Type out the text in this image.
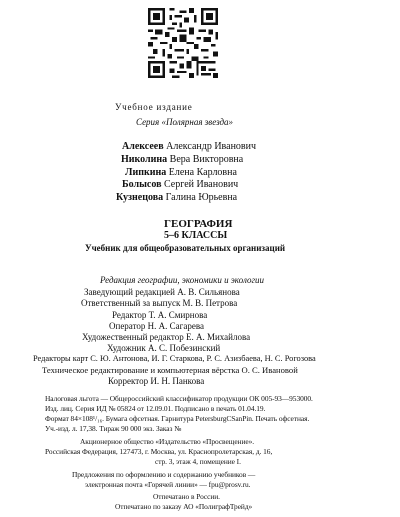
Учебное издание
Серия «Полярная звезда»
Алексеев Александр Иванович
Николина Вера Викторовна
Липкина Елена Карловна
Болысов Сергей Иванович
Кузнецова Галина Юрьевна
ГЕОГРАФИЯ
5–6 КЛАССЫ
Учебник для общеобразовательных организаций
Редакция географии, экономики и экологии
Заведующий редакцией А. В. Сильянова
Ответственный за выпуск М. В. Петрова
Редактор Т. А. Смирнова
Оператор Н. А. Сагарева
Художественный редактор Е. А. Михайлова
Художник А. С. Побезинский
Редакторы карт С. Ю. Антонова, И. Г. Старкова, Р. С. Азизбаева, Н. С. Рогозова
Техническое редактирование и компьютерная вёрстка О. С. Ивановой
Корректор И. Н. Панкова
Налоговая льгота — Общероссийский классификатор продукции ОК 005-93—953000.
Изд. лиц. Серия ИД № 05824 от 12.09.01. Подписано в печать 01.04.19.
Формат 84×108¹/₁₆. Бумага офсетная. Гарнитура PetersburgCSanPin. Печать офсетная.
Уч.-изд. л. 17,38. Тираж 90 000 экз. Заказ №
Акционерное общество «Издательство «Просвещение».
Российская Федерация, 127473, г. Москва, ул. Краснопролетарская, д. 16,
стр. 3, этаж 4, помещение I.
Предложения по оформлению и содержанию учебников —
электронная почта «Горячей линии» — fpu@prosv.ru.
Отпечатано в России.
Отпечатано по заказу АО «ПолиграфТрейд»
